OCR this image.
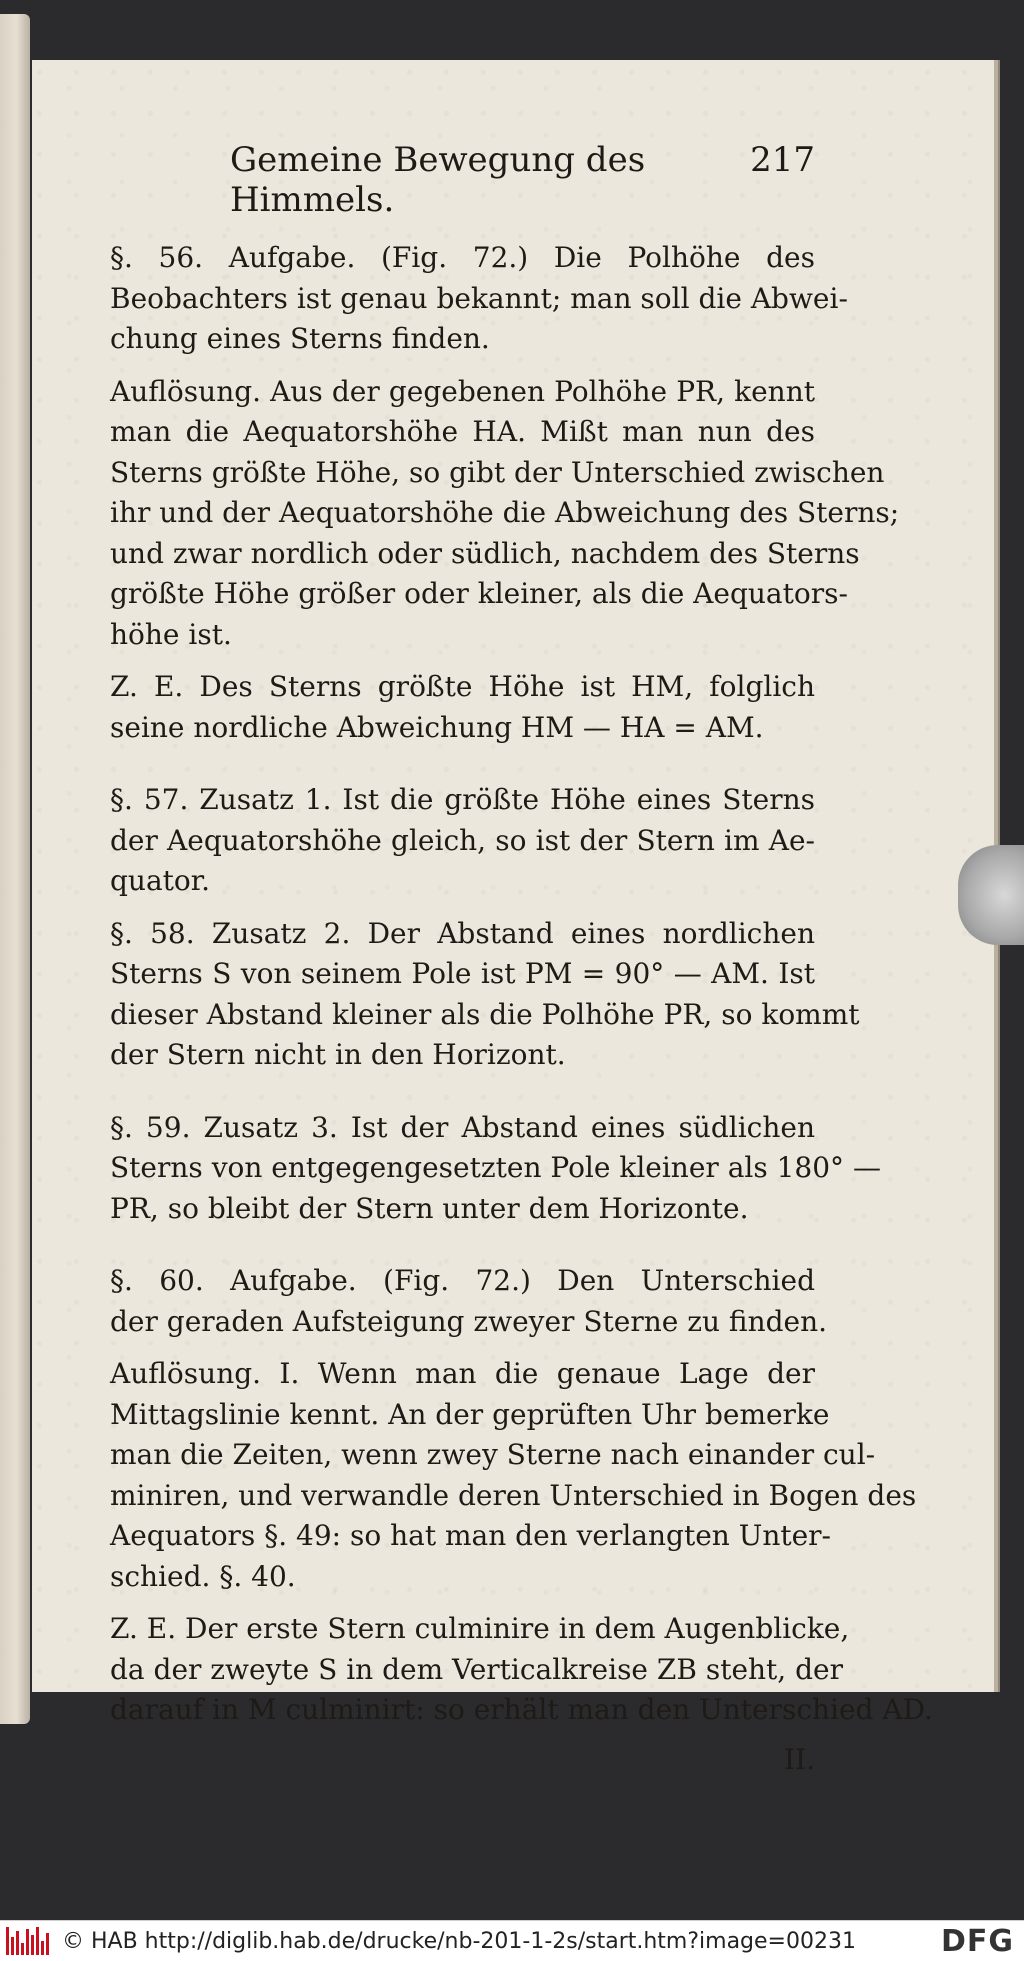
Gemeine Bewegung des Himmels.
217
§. 56. Aufgabe. (Fig. 72.) Die Polhöhe des
Beobachters ist genau bekannt; man soll die Abwei-
chung eines Sterns finden.
Auflösung. Aus der gegebenen Polhöhe PR, kennt
man die Aequatorshöhe HA. Mißt man nun des
Sterns größte Höhe, so gibt der Unterschied zwischen
ihr und der Aequatorshöhe die Abweichung des Sterns;
und zwar nordlich oder südlich, nachdem des Sterns
größte Höhe größer oder kleiner, als die Aequators-
höhe ist.
Z. E. Des Sterns größte Höhe ist HM, folglich
seine nordliche Abweichung HM — HA = AM.
§. 57. Zusatz 1. Ist die größte Höhe eines Sterns
der Aequatorshöhe gleich, so ist der Stern im Ae-
quator.
§. 58. Zusatz 2. Der Abstand eines nordlichen
Sterns S von seinem Pole ist PM = 90° — AM. Ist
dieser Abstand kleiner als die Polhöhe PR, so kommt
der Stern nicht in den Horizont.
§. 59. Zusatz 3. Ist der Abstand eines südlichen
Sterns von entgegengesetzten Pole kleiner als 180° —
PR, so bleibt der Stern unter dem Horizonte.
§. 60. Aufgabe. (Fig. 72.) Den Unterschied
der geraden Aufsteigung zweyer Sterne zu finden.
Auflösung. I. Wenn man die genaue Lage der
Mittagslinie kennt. An der geprüften Uhr bemerke
man die Zeiten, wenn zwey Sterne nach einander cul-
miniren, und verwandle deren Unterschied in Bogen des
Aequators §. 49: so hat man den verlangten Unter-
schied. §. 40.
Z. E. Der erste Stern culminire in dem Augenblicke,
da der zweyte S in dem Verticalkreise ZB steht, der
darauf in M culminirt: so erhält man den Unterschied AD.
II.
© HAB http://diglib.hab.de/drucke/nb-201-1-2s/start.htm?image=00231	DFG
